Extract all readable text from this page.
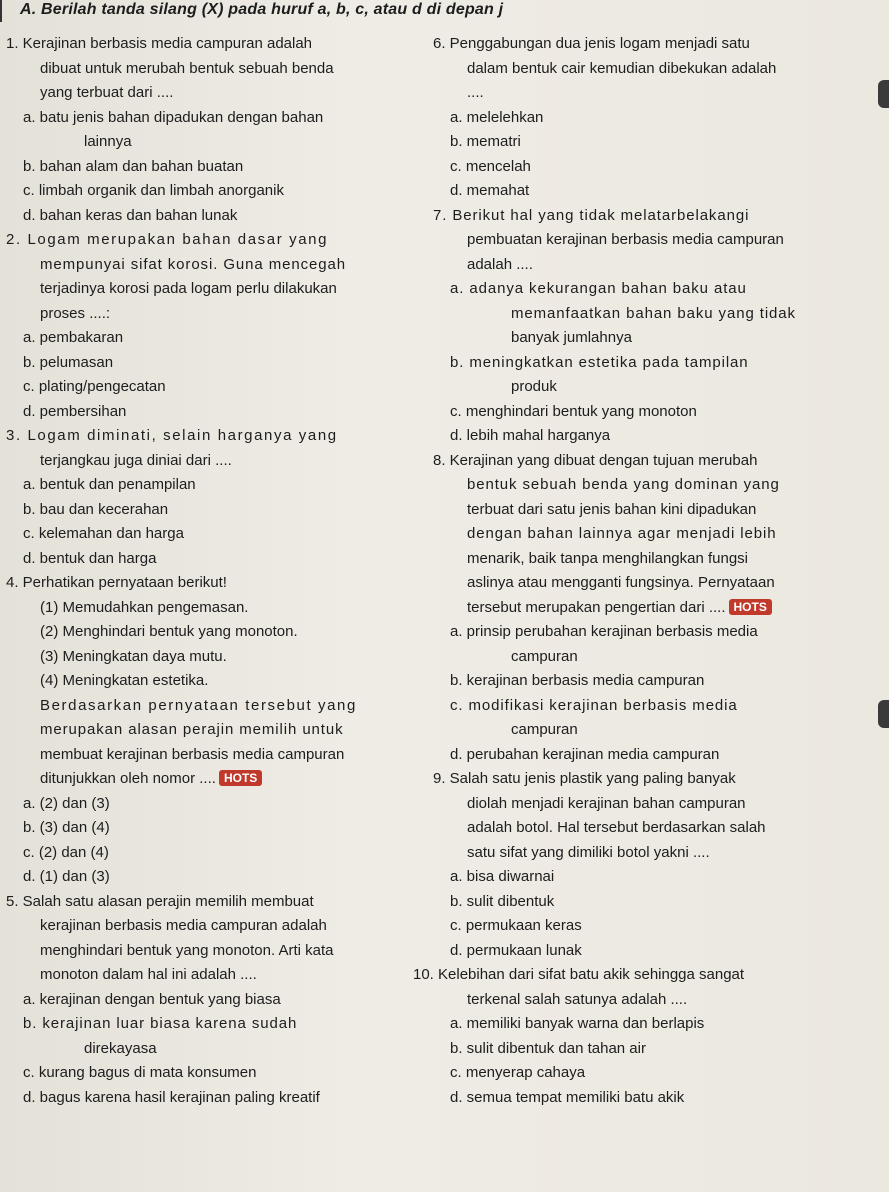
A. Berilah tanda silang (X) pada huruf a, b, c, atau d di depan j
1. Kerajinan berbasis media campuran adalah
dibuat untuk merubah bentuk sebuah benda
yang terbuat dari ....
a. batu jenis bahan dipadukan dengan bahan
lainnya
b. bahan alam dan bahan buatan
c. limbah organik dan limbah anorganik
d. bahan keras dan bahan lunak
2. Logam merupakan bahan dasar yang
mempunyai sifat korosi. Guna mencegah
terjadinya korosi pada logam perlu dilakukan
proses ....:
a. pembakaran
b. pelumasan
c. plating/pengecatan
d. pembersihan
3. Logam diminati, selain harganya yang
terjangkau juga diniai dari ....
a. bentuk dan penampilan
b. bau dan kecerahan
c. kelemahan dan harga
d. bentuk dan harga
4. Perhatikan pernyataan berikut!
(1) Memudahkan pengemasan.
(2) Menghindari bentuk yang monoton.
(3) Meningkatan daya mutu.
(4) Meningkatan estetika.
Berdasarkan pernyataan tersebut yang
merupakan alasan perajin memilih untuk
membuat kerajinan berbasis media campuran
ditunjukkan oleh nomor .... HOTS
a. (2) dan (3)
b. (3) dan (4)
c. (2) dan (4)
d. (1) dan (3)
5. Salah satu alasan perajin memilih membuat
kerajinan berbasis media campuran adalah
menghindari bentuk yang monoton. Arti kata
monoton dalam hal ini adalah ....
a. kerajinan dengan bentuk yang biasa
b. kerajinan luar biasa karena sudah
direkayasa
c. kurang bagus di mata konsumen
d. bagus karena hasil kerajinan paling kreatif
6. Penggabungan dua jenis logam menjadi satu
dalam bentuk cair kemudian dibekukan adalah
....
a. melelehkan
b. mematri
c. mencelah
d. memahat
7. Berikut hal yang tidak melatarbelakangi
pembuatan kerajinan berbasis media campuran
adalah ....
a. adanya kekurangan bahan baku atau
memanfaatkan bahan baku yang tidak
banyak jumlahnya
b. meningkatkan estetika pada tampilan
produk
c. menghindari bentuk yang monoton
d. lebih mahal harganya
8. Kerajinan yang dibuat dengan tujuan merubah
bentuk sebuah benda yang dominan yang
terbuat dari satu jenis bahan kini dipadukan
dengan bahan lainnya agar menjadi lebih
menarik, baik tanpa menghilangkan fungsi
aslinya atau mengganti fungsinya. Pernyataan
tersebut merupakan pengertian dari .... HOTS
a. prinsip perubahan kerajinan berbasis media
campuran
b. kerajinan berbasis media campuran
c. modifikasi kerajinan berbasis media
campuran
d. perubahan kerajinan media campuran
9. Salah satu jenis plastik yang paling banyak
diolah menjadi kerajinan bahan campuran
adalah botol. Hal tersebut berdasarkan salah
satu sifat yang dimiliki botol yakni ....
a. bisa diwarnai
b. sulit dibentuk
c. permukaan keras
d. permukaan lunak
10. Kelebihan dari sifat batu akik sehingga sangat
terkenal salah satunya adalah ....
a. memiliki banyak warna dan berlapis
b. sulit dibentuk dan tahan air
c. menyerap cahaya
d. semua tempat memiliki batu akik
